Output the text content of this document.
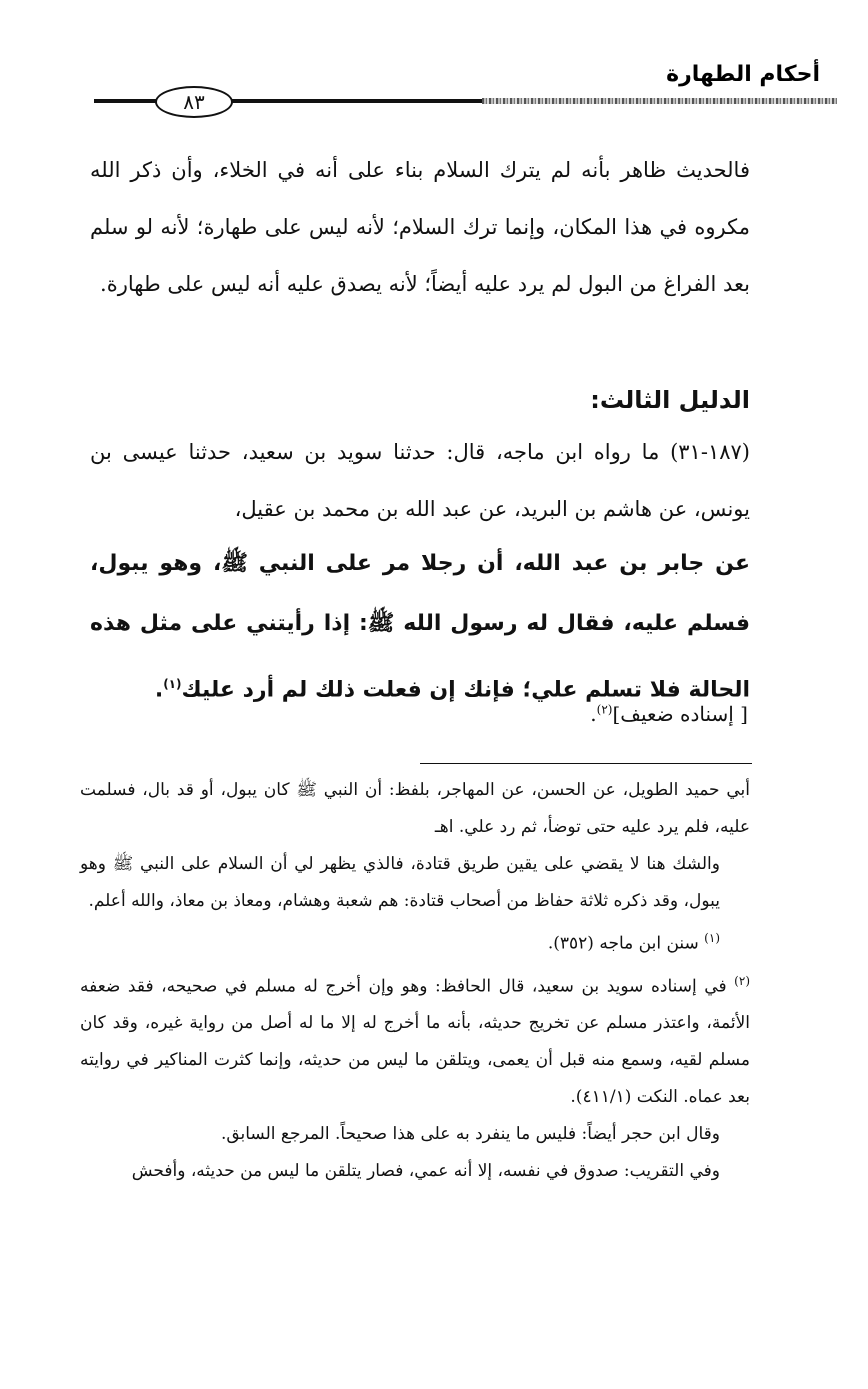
أحكام الطهارة
٨٣
فالحديث ظاهر بأنه لم يترك السلام بناء على أنه في الخلاء، وأن ذكر الله مكروه في هذا المكان، وإنما ترك السلام؛ لأنه ليس على طهارة؛ لأنه لو سلم بعد الفراغ من البول لم يرد عليه أيضاً؛ لأنه يصدق عليه أنه ليس على طهارة.
الدليل الثالث:
(١٨٧-٣١) ما رواه ابن ماجه، قال: حدثنا سويد بن سعيد، حدثنا عيسى بن يونس، عن هاشم بن البريد، عن عبد الله بن محمد بن عقيل،
عن جابر بن عبد الله، أن رجلا مر على النبي ﷺ، وهو يبول، فسلم عليه، فقال له رسول الله ﷺ: إذا رأيتني على مثل هذه الحالة فلا تسلم علي؛ فإنك إن فعلت ذلك لم أرد عليك$^{(١)}$.
[ إسناده ضعيف]$^{(٢)}$.

أبي حميد الطويل، عن الحسن، عن المهاجر، بلفظ: أن النبي ﷺ كان يبول، أو قد بال، فسلمت عليه، فلم يرد عليه حتى توضأ، ثم رد علي. اهـ

والشك هنا لا يقضي على يقين طريق قتادة، فالذي يظهر لي أن السلام على النبي ﷺ وهو يبول، وقد ذكره ثلاثة حفاظ من أصحاب قتادة: هم شعبة وهشام، ومعاذ بن معاذ، والله أعلم.

$^{(١)}$ سنن ابن ماجه (٣٥٢).

$^{(٢)}$ في إسناده سويد بن سعيد، قال الحافظ: وهو وإن أخرج له مسلم في صحيحه، فقد ضعفه الأئمة، واعتذر مسلم عن تخريج حديثه، بأنه ما أخرج له إلا ما له أصل من رواية غيره، وقد كان مسلم لقيه، وسمع منه قبل أن يعمى، ويتلقن ما ليس من حديثه، وإنما كثرت المناكير في روايته بعد عماه. النكت (٤١١/١).

وقال ابن حجر أيضاً: فليس ما ينفرد به على هذا صحيحاً. المرجع السابق.

وفي التقريب: صدوق في نفسه، إلا أنه عمي، فصار يتلقن ما ليس من حديثه، وأفحش
